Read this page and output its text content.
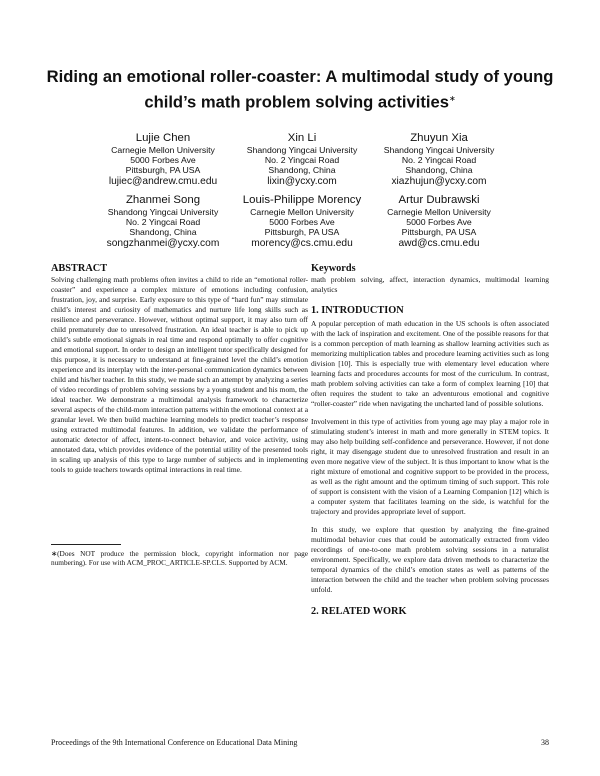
Riding an emotional roller-coaster: A multimodal study of young child’s math problem solving activities∗
Lujie Chen
Carnegie Mellon University
5000 Forbes Ave
Pittsburgh, PA USA
lujiec@andrew.cmu.edu
Xin Li
Shandong Yingcai University
No. 2 Yingcai Road
Shandong, China
lixin@ycxy.com
Zhuyun Xia
Shandong Yingcai University
No. 2 Yingcai Road
Shandong, China
xiazhujun@ycxy.com
Zhanmei Song
Shandong Yingcai University
No. 2 Yingcai Road
Shandong, China
songzhanmei@ycxy.com
Louis-Philippe Morency
Carnegie Mellon University
5000 Forbes Ave
Pittsburgh, PA USA
morency@cs.cmu.edu
Artur Dubrawski
Carnegie Mellon University
5000 Forbes Ave
Pittsburgh, PA USA
awd@cs.cmu.edu

ABSTRACT

Solving challenging math problems often invites a child to ride an “emotional roller-coaster” and experience a complex mixture of emotions including confusion, frustration, joy, and surprise. Early exposure to this type of “hard fun” may stimulate child’s interest and curiosity of mathematics and nurture life long skills such as resilience and perseverance. However, without optimal support, it may also turn off child prematurely due to unresolved frustration. An ideal teacher is able to pick up child’s subtle emotional signals in real time and respond optimally to offer cognitive and emotional support. In order to design an intelligent tutor specifically designed for this purpose, it is necessary to understand at fine-grained level the child’s emotion experience and its interplay with the inter-personal communication dynamics between child and his/her teacher. In this study, we made such an attempt by analyzing a series of video recordings of problem solving sessions by a young student and his mom, the ideal teacher. We demonstrate a multimodal analysis framework to characterize several aspects of the child-mom interaction patterns within the emotional context at a granular level. We then build machine learning models to predict teacher’s response using extracted multimodal features. In addition, we validate the performance of automatic detector of affect, intent-to-connect behavior, and voice activity, using annotated data, which provides evidence of the potential utility of the presented tools in scaling up analysis of this type to large number of subjects and in implementing tools to guide teachers towards optimal interactions in real time.

∗(Does NOT produce the permission block, copyright information nor page numbering). For use with ACM_PROC_ARTICLE-SP.CLS. Supported by ACM.

Keywords

math problem solving, affect, interaction dynamics, multimodal learning analytics

1. INTRODUCTION

A popular perception of math education in the US schools is often associated with the lack of inspiration and excitement. One of the possible reasons for that is a common perception of math learning as shallow learning activities such as memorizing multiplication tables and procedure learning activities such as long division [10]. This is especially true with elementary level education where learning facts and procedures accounts for most of the curriculum. In contrast, math problem solving activities can take a form of complex learning [10] that often requires the student to take an adventurous emotional and cognitive “roller-coaster” ride when navigating the uncharted land of possible solutions.

Involvement in this type of activities from young age may play a major role in stimulating student’s interest in math and more generally in STEM topics. It may also help building self-confidence and perseverance. However, if not done right, it may disengage student due to unresolved frustration and result in an even more negative view of the subject. It is thus important to know what is the right mixture of emotional and cognitive support to be provided in the process, as well as the right amount and the optimum timing of such support. This role of support is consistent with the vision of a Learning Companion [12] which is a computer system that facilitates learning on the side, is watchful for the trajectory and provides appropriate level of support.

In this study, we explore that question by analyzing the fine-grained multimodal behavior cues that could be automatically extracted from video recordings of one-to-one math problem solving sessions in a naturalist environment. Specifically, we explore data driven methods to characterize the temporal dynamics of the child’s emotion states as well as patterns of the interaction between the child and the teacher when problem solving processes unfold.

2. RELATED WORK

Proceedings of the 9th International Conference on Educational Data Mining	38
